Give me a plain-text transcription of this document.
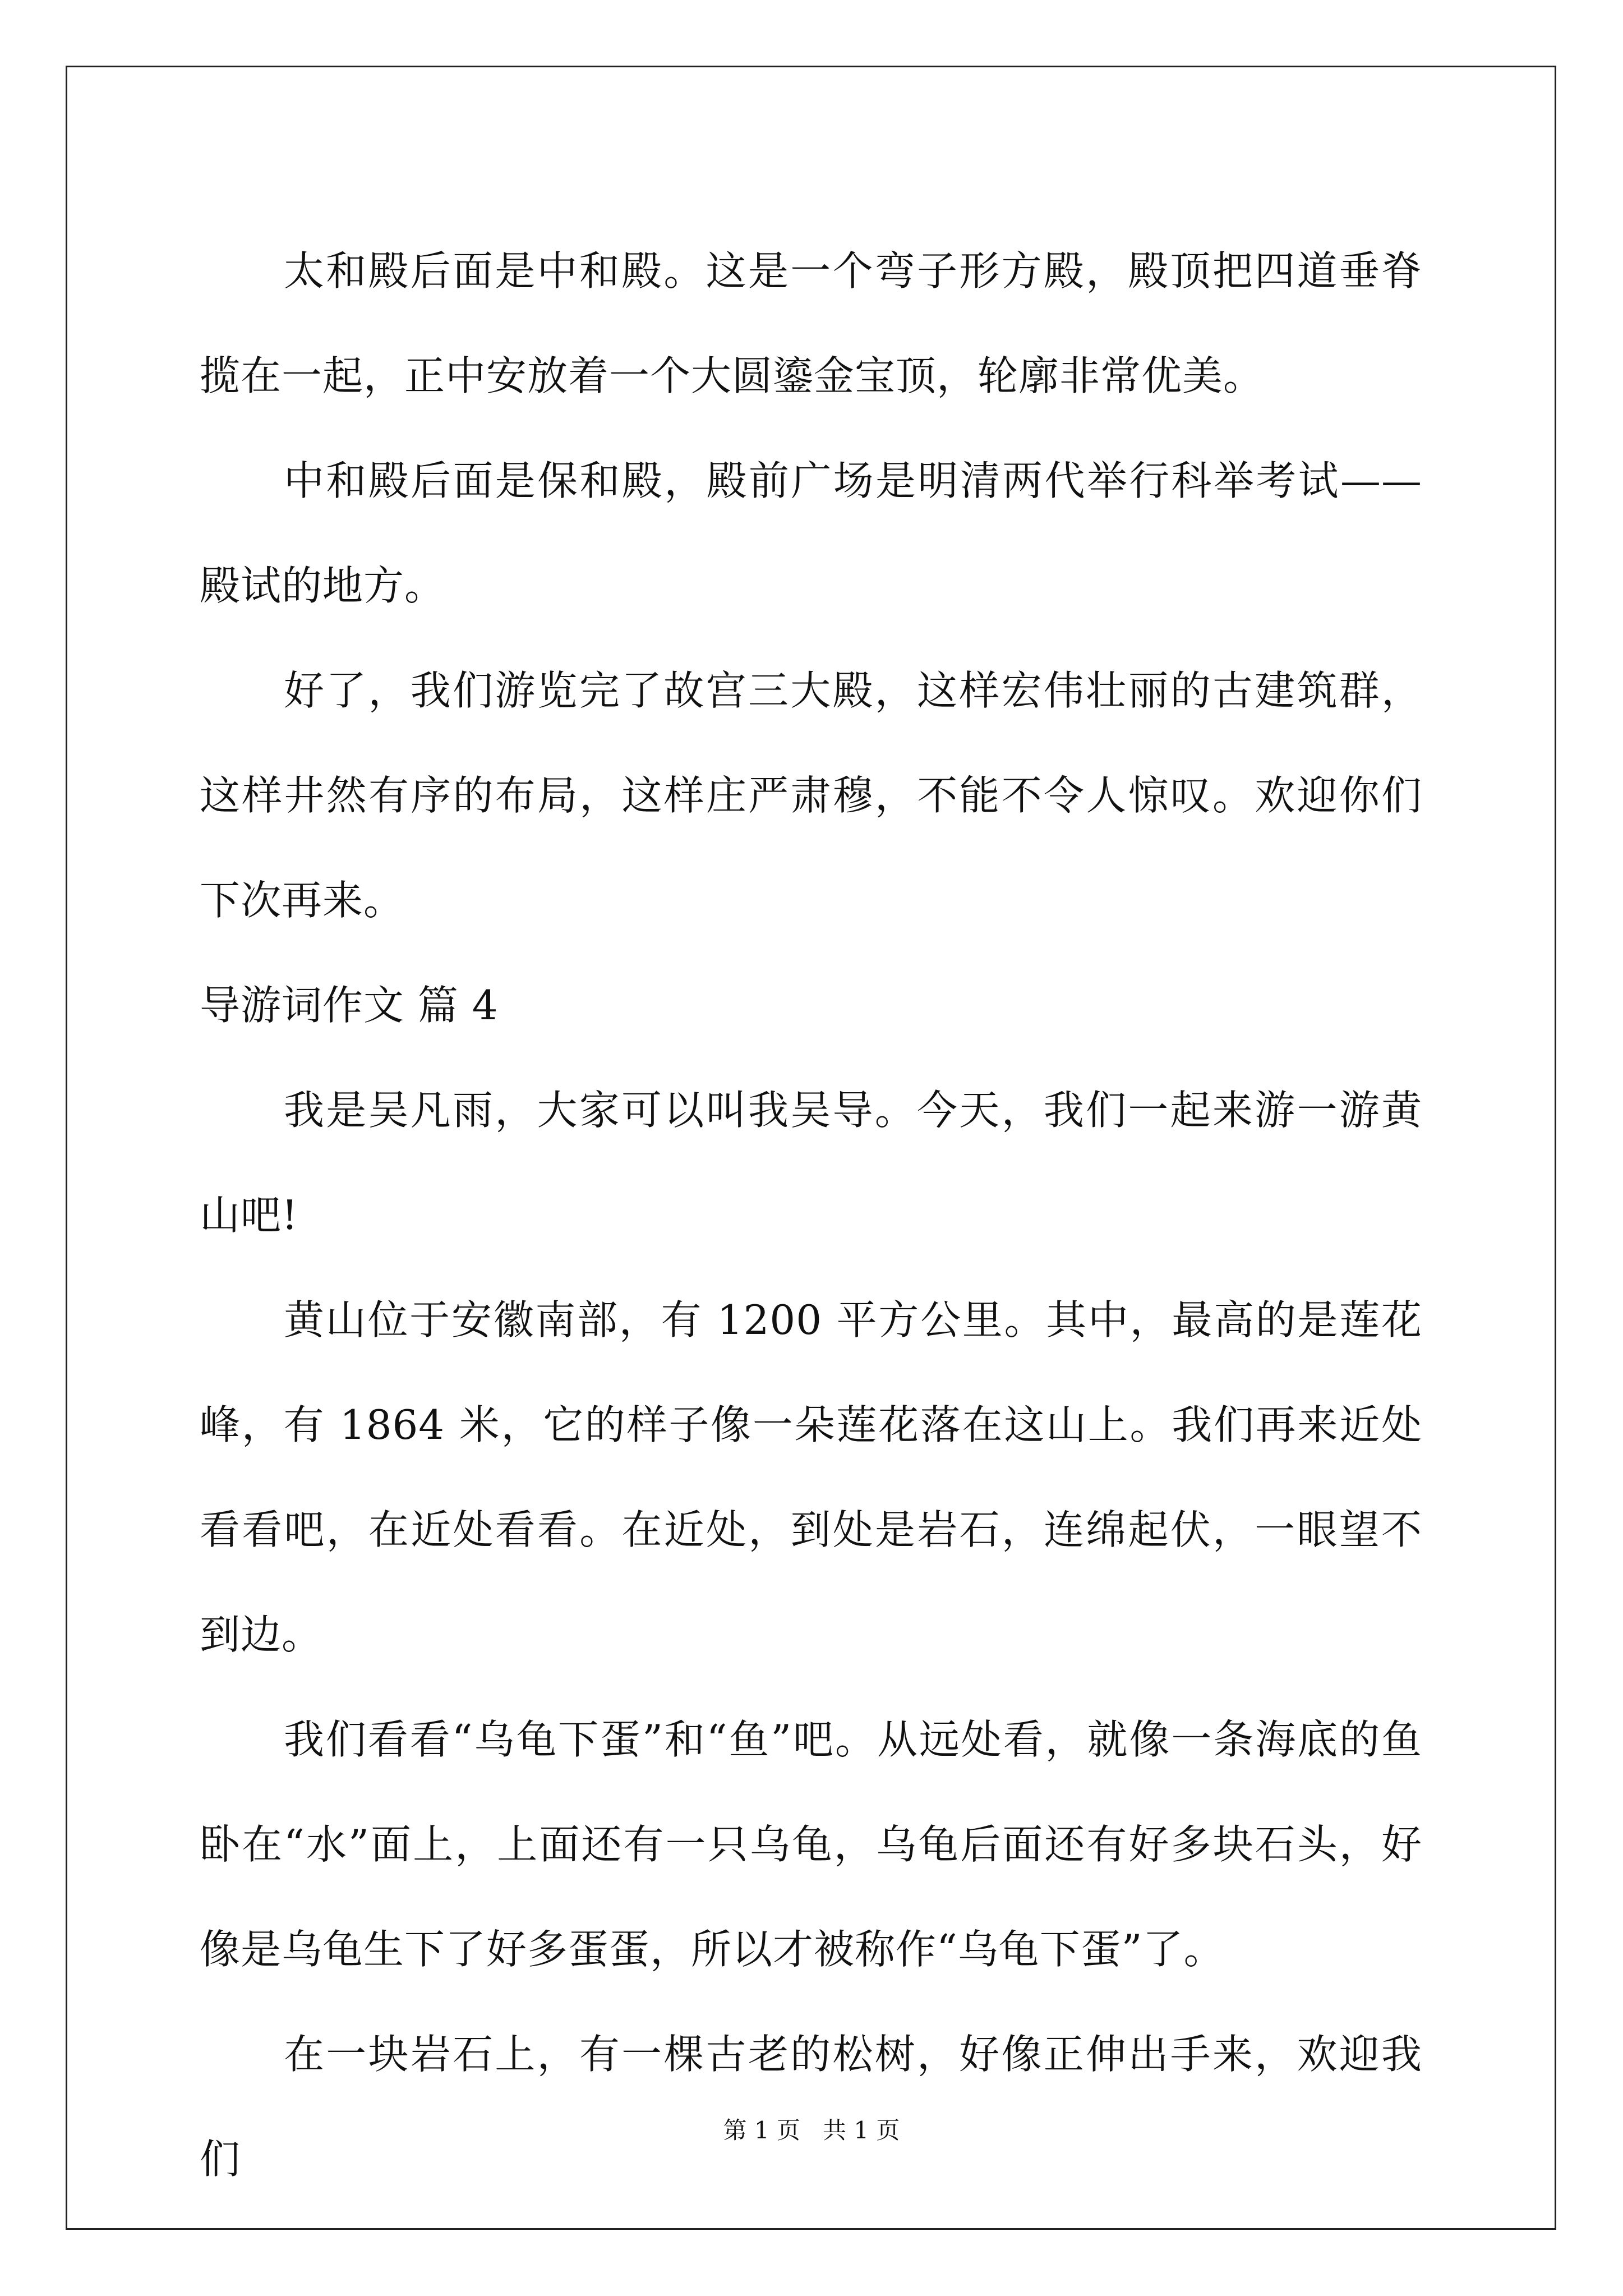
太和殿后面是中和殿。这是一个弯子形方殿，殿顶把四道垂脊揽在一起，正中安放着一个大圆鎏金宝顶，轮廓非常优美。

中和殿后面是保和殿，殿前广场是明清两代举行科举考试——殿试的地方。

好了，我们游览完了故宫三大殿，这样宏伟壮丽的古建筑群，这样井然有序的布局，这样庄严肃穆，不能不令人惊叹。欢迎你们下次再来。

导游词作文 篇 4

我是吴凡雨，大家可以叫我吴导。今天，我们一起来游一游黄山吧!

黄山位于安徽南部，有 1200 平方公里。其中，最高的是莲花峰，有 1864 米，它的样子像一朵莲花落在这山上。我们再来近处看看吧，在近处看看。在近处，到处是岩石，连绵起伏，一眼望不到边。

我们看看“乌龟下蛋”和“鱼”吧。从远处看，就像一条海底的鱼卧在“水”面上，上面还有一只乌龟，乌龟后面还有好多块石头，好像是乌龟生下了好多蛋蛋，所以才被称作“乌龟下蛋”了。

在一块岩石上，有一棵古老的松树，好像正伸出手来，欢迎我们

第 1 页 共 1 页
